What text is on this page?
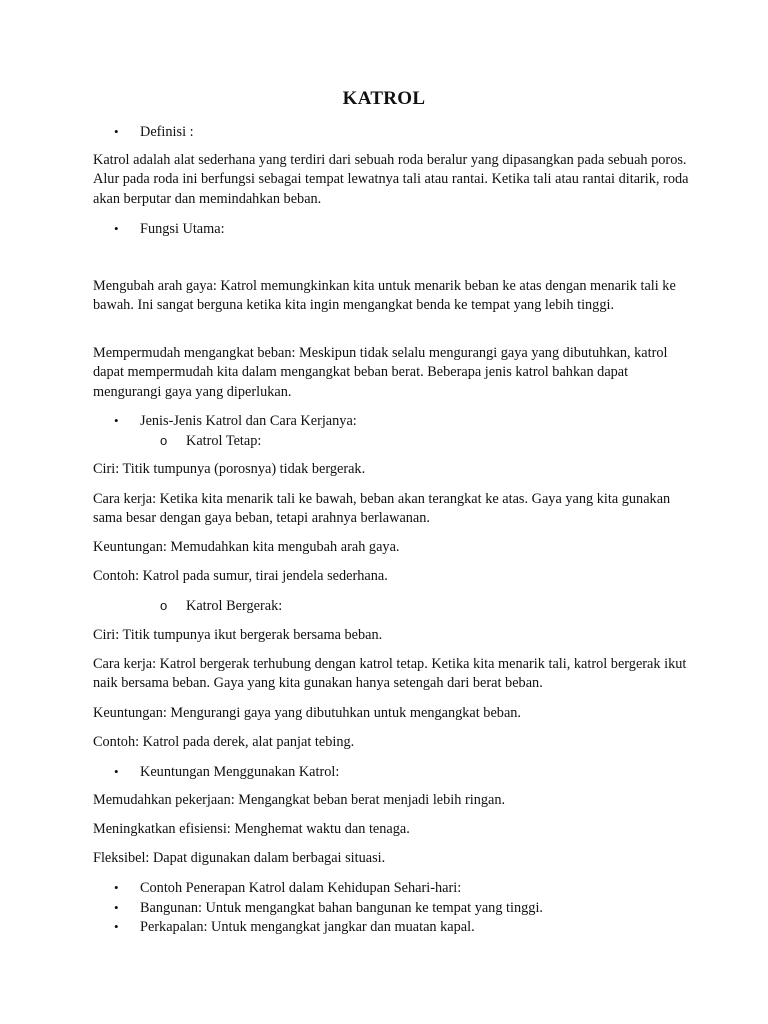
KATROL
• Definisi :
Katrol adalah alat sederhana yang terdiri dari sebuah roda beralur yang dipasangkan pada sebuah poros. Alur pada roda ini berfungsi sebagai tempat lewatnya tali atau rantai. Ketika tali atau rantai ditarik, roda akan berputar dan memindahkan beban.
• Fungsi Utama:
Mengubah arah gaya: Katrol memungkinkan kita untuk menarik beban ke atas dengan menarik tali ke bawah. Ini sangat berguna ketika kita ingin mengangkat benda ke tempat yang lebih tinggi.
Mempermudah mengangkat beban: Meskipun tidak selalu mengurangi gaya yang dibutuhkan, katrol dapat mempermudah kita dalam mengangkat beban berat. Beberapa jenis katrol bahkan dapat mengurangi gaya yang diperlukan.
• Jenis-Jenis Katrol dan Cara Kerjanya:
o Katrol Tetap:
Ciri: Titik tumpunya (porosnya) tidak bergerak.
Cara kerja: Ketika kita menarik tali ke bawah, beban akan terangkat ke atas. Gaya yang kita gunakan sama besar dengan gaya beban, tetapi arahnya berlawanan.
Keuntungan: Memudahkan kita mengubah arah gaya.
Contoh: Katrol pada sumur, tirai jendela sederhana.
o Katrol Bergerak:
Ciri: Titik tumpunya ikut bergerak bersama beban.
Cara kerja: Katrol bergerak terhubung dengan katrol tetap. Ketika kita menarik tali, katrol bergerak ikut naik bersama beban. Gaya yang kita gunakan hanya setengah dari berat beban.
Keuntungan: Mengurangi gaya yang dibutuhkan untuk mengangkat beban.
Contoh: Katrol pada derek, alat panjat tebing.
• Keuntungan Menggunakan Katrol:
Memudahkan pekerjaan: Mengangkat beban berat menjadi lebih ringan.
Meningkatkan efisiensi: Menghemat waktu dan tenaga.
Fleksibel: Dapat digunakan dalam berbagai situasi.
• Contoh Penerapan Katrol dalam Kehidupan Sehari-hari:
• Bangunan: Untuk mengangkat bahan bangunan ke tempat yang tinggi.
• Perkapalan: Untuk mengangkat jangkar dan muatan kapal.
